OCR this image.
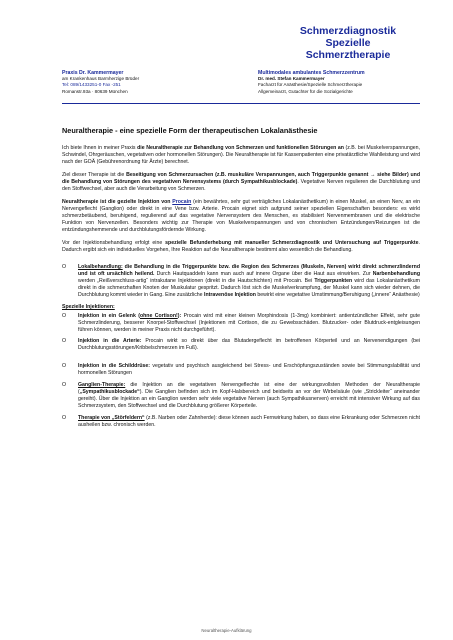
Schmerzdiagnostik
Spezielle
Schmerztherapie
Praxis Dr. Kammermayer
am Krankenhaus Barmherzige Brüder
Tel: 089/1433251-0 Fax -251
Romanstr.93a · 80639 München
Multimodales ambulantes Schmerzzentrum
Dr. med. Stefan Kammermayer
Facharzt für Anästhesie/Spezielle Schmerztherapie
Allgemeinarzt, Gutachter für die Sozialgerichte
Neuraltherapie - eine spezielle Form der therapeutischen Lokalanästhesie

Ich biete Ihnen in meiner Praxis die Neuraltherapie zur Behandlung von Schmerzen und funktionellen Störungen an (z.B. bei Muskelverspannungen, Schwindel, Ohrgeräuschen, vegetativen oder hormonellen Störungen). Die Neuraltherapie ist für Kassenpatienten eine privatärztliche Wahlleistung und wird nach der GOÄ (Gebührenordnung für Ärzte) berechnet.

Ziel dieser Therapie ist die Beseitigung von Schmerzursachen (z.B. muskuläre Verspannungen, auch Triggerpunkte genannt → siehe Bilder) und die Behandlung von Störungen des vegetativen Nervensystems (durch Sympathikusblockade). Vegetative Nerven regulieren die Durchblutung und den Stoffwechsel, aber auch die Verarbeitung von Schmerzen.

Neuraltherapie ist die gezielte Injektion von Procain (ein bewährtes, sehr gut verträgliches Lokalanästhetikum) in einen Muskel, an einen Nerv, an ein Nervengeflecht (Ganglion) oder direkt in eine Vene bzw. Arterie. Procain eignet sich aufgrund seiner speziellen Eigenschaften besonders: es wirkt schmerzbetäubend, beruhigend, regulierend auf das vegetative Nervensystem des Menschen, es stabilisiert Nervenmembranen und die elektrische Funktion von Nervenzellen. Besonders wichtig zur Therapie von Muskelverspannungen und von chronischen Entzündungen/Reizungen ist die entzündungshemmende und durchblutungsfördernde Wirkung.

Vor der Injektionsbehandlung erfolgt eine spezielle Befunderhebung mit manueller Schmerzdiagnostik und Untersuchung auf Triggerpunkte. Dadurch ergibt sich ein individuelles Vorgehen, Ihre Reaktion auf die Neuraltherapie bestimmt also wesentlich die Behandlung.

O Lokalbehandlung: die Behandlung in die Triggerpunkte bzw. die Region des Schmerzes (Muskeln, Nerven) wirkt direkt schmerzlindernd und ist oft ursächlich heilend. Durch Hautquaddeln kann man auch auf innere Organe über die Haut aus einwirken. Zur Narbenbehandlung werden „Reißverschluss-artig“ intrakutane Injektionen (direkt in die Hautschichten) mit Procain. Bei Triggerpunkten wird das Lokalanästhetikum direkt in die schmerzhaften Knoten der Muskulatur gespritzt. Dadurch löst sich die Muskelverkrampfung, der Muskel kann sich wieder dehnen, die Durchblutung kommt wieder in Gang. Eine zusätzliche Intravenöse Injektion bewirkt eine vegetative Umstimmung/Beruhigung („innere“ Anästhesie)
Spezielle Injektionen:
O Injektion in ein Gelenk (ohne Cortison!): Procain wird mit einer kleinen Morphindosis (1-3mg) kombiniert: antientzündlicher Effekt, sehr gute Schmerzlinderung, besserer Knorpel-Stoffwechsel (Injektionen mit Cortison, die zu Gewebsschäden. Blutzucker- oder Blutdruck-entgleisungen führen können, werden in meiner Praxis nicht durchgeführt).
O Injektion in die Arterie: Procain wirkt so direkt über das Blutadergeflecht im betroffenen Körperteil und an Nervenendigungen (bei Durchblutungsstörungen/Kribbelschmerzen im Fuß).
O Injektion in die Schilddrüse: vegetativ und psychisch ausgleichend bei Stress- und Erschöpfungszuständen sowie bei Stimmungslabilität und hormonellen Störungen
O Ganglien-Therapie: die Injektion an die vegetativen Nervengeflechte ist eine der wirkungsvollsten Methoden der Neuraltherapie („Sympathikusblockade“). Die Ganglien befinden sich im Kopf-Halsbereich und beidseits an vor der Wirbelsäule (wie „Strickleiter“ aneinander gereiht). Über die Injektion an ein Ganglion werden sehr viele vegetative Nerven (auch Sympathikusnerven) erreicht mit intensiver Wirkung auf das Schmerzsystem, den Stoffwechsel und die Durchblutung größerer Körperteile.
O Therapie von „Störfeldern“ (z.B. Narben oder Zahnherde): diese können auch Fernwirkung haben, so dass eine Erkrankung oder Schmerzen nicht ausheilen bzw. chronisch werden.
Neuraltherapie-Aufklärung
